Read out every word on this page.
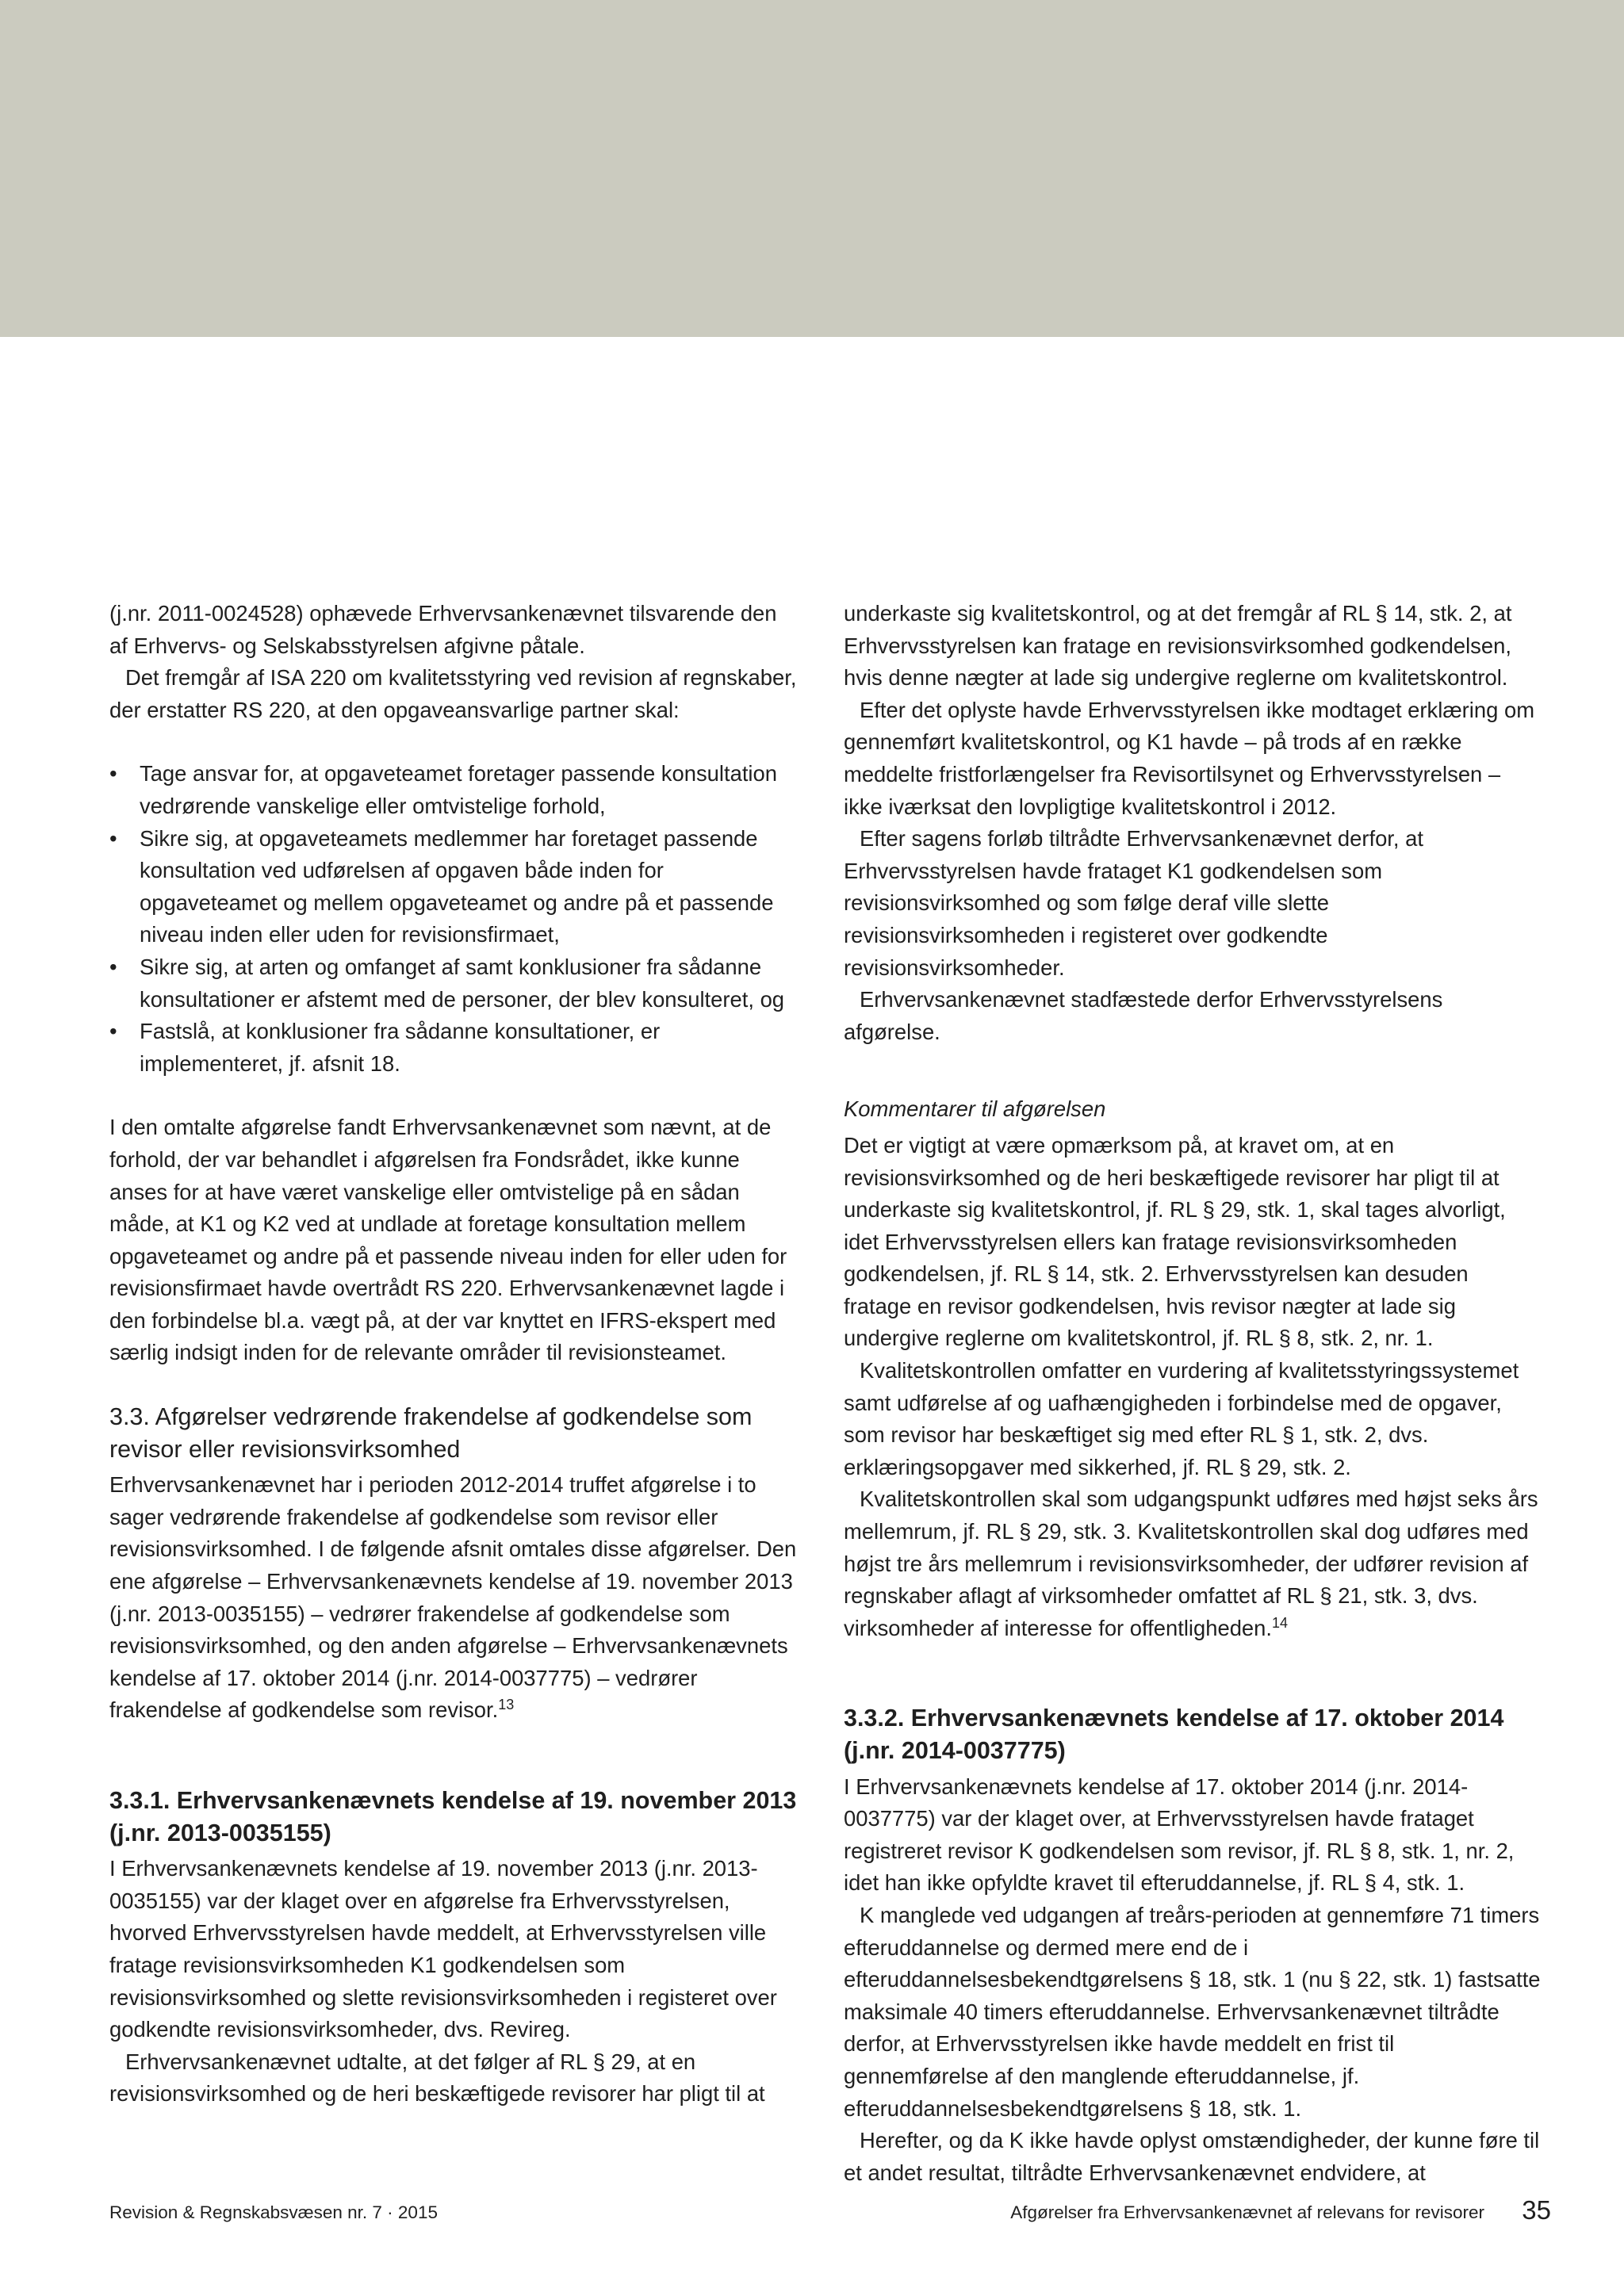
(j.nr. 2011-0024528) ophævede Erhvervsankenævnet tilsvarende den af Erhvervs- og Selskabsstyrelsen afgivne påtale.

Det fremgår af ISA 220 om kvalitetsstyring ved revision af regnskaber, der erstatter RS 220, at den opgaveansvarlige partner skal:

• Tage ansvar for, at opgaveteamet foretager passende konsultation vedrørende vanskelige eller omtvistelige forhold,
• Sikre sig, at opgaveteamets medlemmer har foretaget passende konsultation ved udførelsen af opgaven både inden for opgaveteamet og mellem opgaveteamet og andre på et passende niveau inden eller uden for revisionsfirmaet,
• Sikre sig, at arten og omfanget af samt konklusioner fra sådanne konsultationer er afstemt med de personer, der blev konsulteret, og
• Fastslå, at konklusioner fra sådanne konsultationer, er implementeret, jf. afsnit 18.

I den omtalte afgørelse fandt Erhvervsankenævnet som nævnt, at de forhold, der var behandlet i afgørelsen fra Fondsrådet, ikke kunne anses for at have været vanskelige eller omtvistelige på en sådan måde, at K1 og K2 ved at undlade at foretage konsultation mellem opgaveteamet og andre på et passende niveau inden for eller uden for revisionsfirmaet havde overtrådt RS 220. Erhvervsankenævnet lagde i den forbindelse bl.a. vægt på, at der var knyttet en IFRS-ekspert med særlig indsigt inden for de relevante områder til revisionsteamet.

3.3. Afgørelser vedrørende frakendelse af godkendelse som revisor eller revisionsvirksomhed

Erhvervsankenævnet har i perioden 2012-2014 truffet afgørelse i to sager vedrørende frakendelse af godkendelse som revisor eller revisionsvirksomhed. I de følgende afsnit omtales disse afgørelser. Den ene afgørelse – Erhvervsankenævnets kendelse af 19. november 2013 (j.nr. 2013-0035155) – vedrører frakendelse af godkendelse som revisionsvirksomhed, og den anden afgørelse – Erhvervsankenævnets kendelse af 17. oktober 2014 (j.nr. 2014-0037775) – vedrører frakendelse af godkendelse som revisor.$^{13}$

3.3.1. Erhvervsankenævnets kendelse af 19. november 2013 (j.nr. 2013-0035155)

I Erhvervsankenævnets kendelse af 19. november 2013 (j.nr. 2013-0035155) var der klaget over en afgørelse fra Erhvervsstyrelsen, hvorved Erhvervsstyrelsen havde meddelt, at Erhvervsstyrelsen ville fratage revisionsvirksomheden K1 godkendelsen som revisionsvirksomhed og slette revisionsvirksomheden i registeret over godkendte revisionsvirksomheder, dvs. Revireg.

Erhvervsankenævnet udtalte, at det følger af RL § 29, at en revisionsvirksomhed og de heri beskæftigede revisorer har pligt til at

underkaste sig kvalitetskontrol, og at det fremgår af RL § 14, stk. 2, at Erhvervsstyrelsen kan fratage en revisionsvirksomhed godkendelsen, hvis denne nægter at lade sig undergive reglerne om kvalitetskontrol.

Efter det oplyste havde Erhvervsstyrelsen ikke modtaget erklæring om gennemført kvalitetskontrol, og K1 havde – på trods af en række meddelte fristforlængelser fra Revisortilsynet og Erhvervsstyrelsen – ikke iværksat den lovpligtige kvalitetskontrol i 2012.

Efter sagens forløb tiltrådte Erhvervsankenævnet derfor, at Erhvervsstyrelsen havde frataget K1 godkendelsen som revisionsvirksomhed og som følge deraf ville slette revisionsvirksomheden i registeret over godkendte revisionsvirksomheder.

Erhvervsankenævnet stadfæstede derfor Erhvervsstyrelsens afgørelse.

Kommentarer til afgørelsen

Det er vigtigt at være opmærksom på, at kravet om, at en revisionsvirksomhed og de heri beskæftigede revisorer har pligt til at underkaste sig kvalitetskontrol, jf. RL § 29, stk. 1, skal tages alvorligt, idet Erhvervsstyrelsen ellers kan fratage revisionsvirksomheden godkendelsen, jf. RL § 14, stk. 2. Erhvervsstyrelsen kan desuden fratage en revisor godkendelsen, hvis revisor nægter at lade sig undergive reglerne om kvalitetskontrol, jf. RL § 8, stk. 2, nr. 1.

Kvalitetskontrollen omfatter en vurdering af kvalitetsstyringssystemet samt udførelse af og uafhængigheden i forbindelse med de opgaver, som revisor har beskæftiget sig med efter RL § 1, stk. 2, dvs. erklæringsopgaver med sikkerhed, jf. RL § 29, stk. 2.

Kvalitetskontrollen skal som udgangspunkt udføres med højst seks års mellemrum, jf. RL § 29, stk. 3. Kvalitetskontrollen skal dog udføres med højst tre års mellemrum i revisionsvirksomheder, der udfører revision af regnskaber aflagt af virksomheder omfattet af RL § 21, stk. 3, dvs. virksomheder af interesse for offentligheden.$^{14}$

3.3.2. Erhvervsankenævnets kendelse af 17. oktober 2014 (j.nr. 2014-0037775)

I Erhvervsankenævnets kendelse af 17. oktober 2014 (j.nr. 2014-0037775) var der klaget over, at Erhvervsstyrelsen havde frataget registreret revisor K godkendelsen som revisor, jf. RL § 8, stk. 1, nr. 2, idet han ikke opfyldte kravet til efteruddannelse, jf. RL § 4, stk. 1.

K manglede ved udgangen af treårs-perioden at gennemføre 71 timers efteruddannelse og dermed mere end de i efteruddannelsesbekendtgørelsens § 18, stk. 1 (nu § 22, stk. 1) fastsatte maksimale 40 timers efteruddannelse. Erhvervsankenævnet tiltrådte derfor, at Erhvervsstyrelsen ikke havde meddelt en frist til gennemførelse af den manglende efteruddannelse, jf. efteruddannelsesbekendtgørelsens § 18, stk. 1.

Herefter, og da K ikke havde oplyst omstændigheder, der kunne føre til et andet resultat, tiltrådte Erhvervsankenævnet endvidere, at

Revision & Regnskabsvæsen nr. 7 · 2015	Afgørelser fra Erhvervsankenævnet af relevans for revisorer	35
